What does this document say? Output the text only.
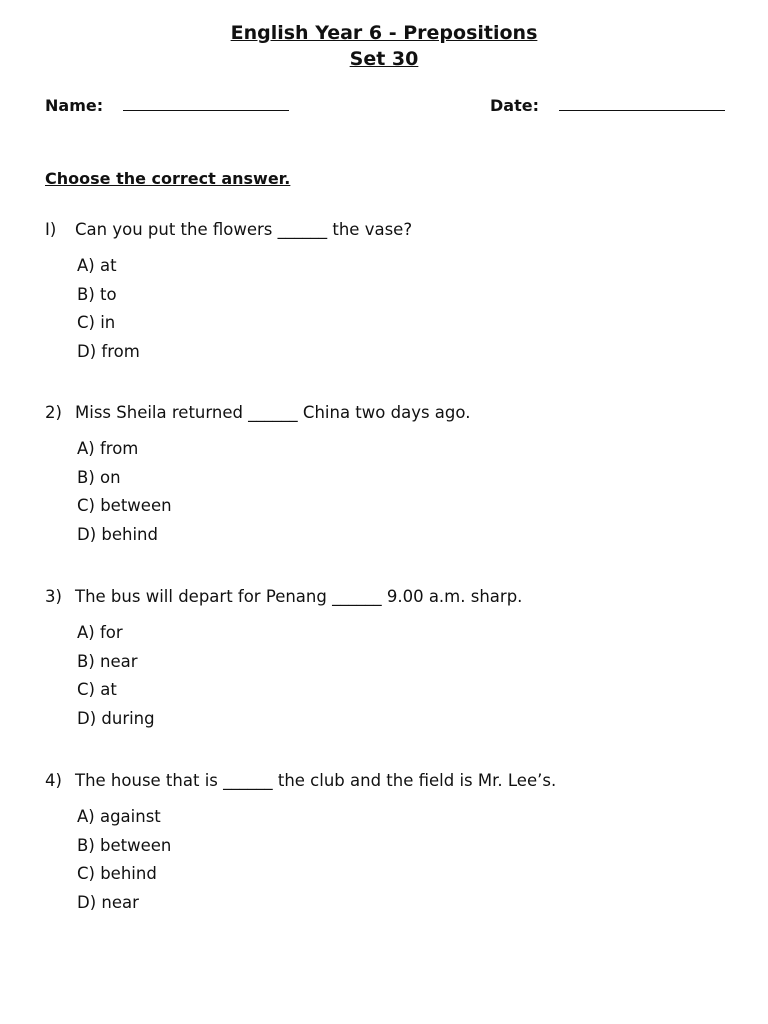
English Year 6 - Prepositions
Set 30
Name:	Date:
Choose the correct answer.
I)	Can you put the flowers ______ the vase?
A) at
B) to
C) in
D) from
2) Miss Sheila returned ______ China two days ago.
A) from
B) on
C) between
D) behind
3) The bus will depart for Penang ______ 9.00 a.m. sharp.
A) for
B) near
C) at
D) during
4) The house that is ______ the club and the field is Mr. Lee’s.
A) against
B) between
C) behind
D) near
